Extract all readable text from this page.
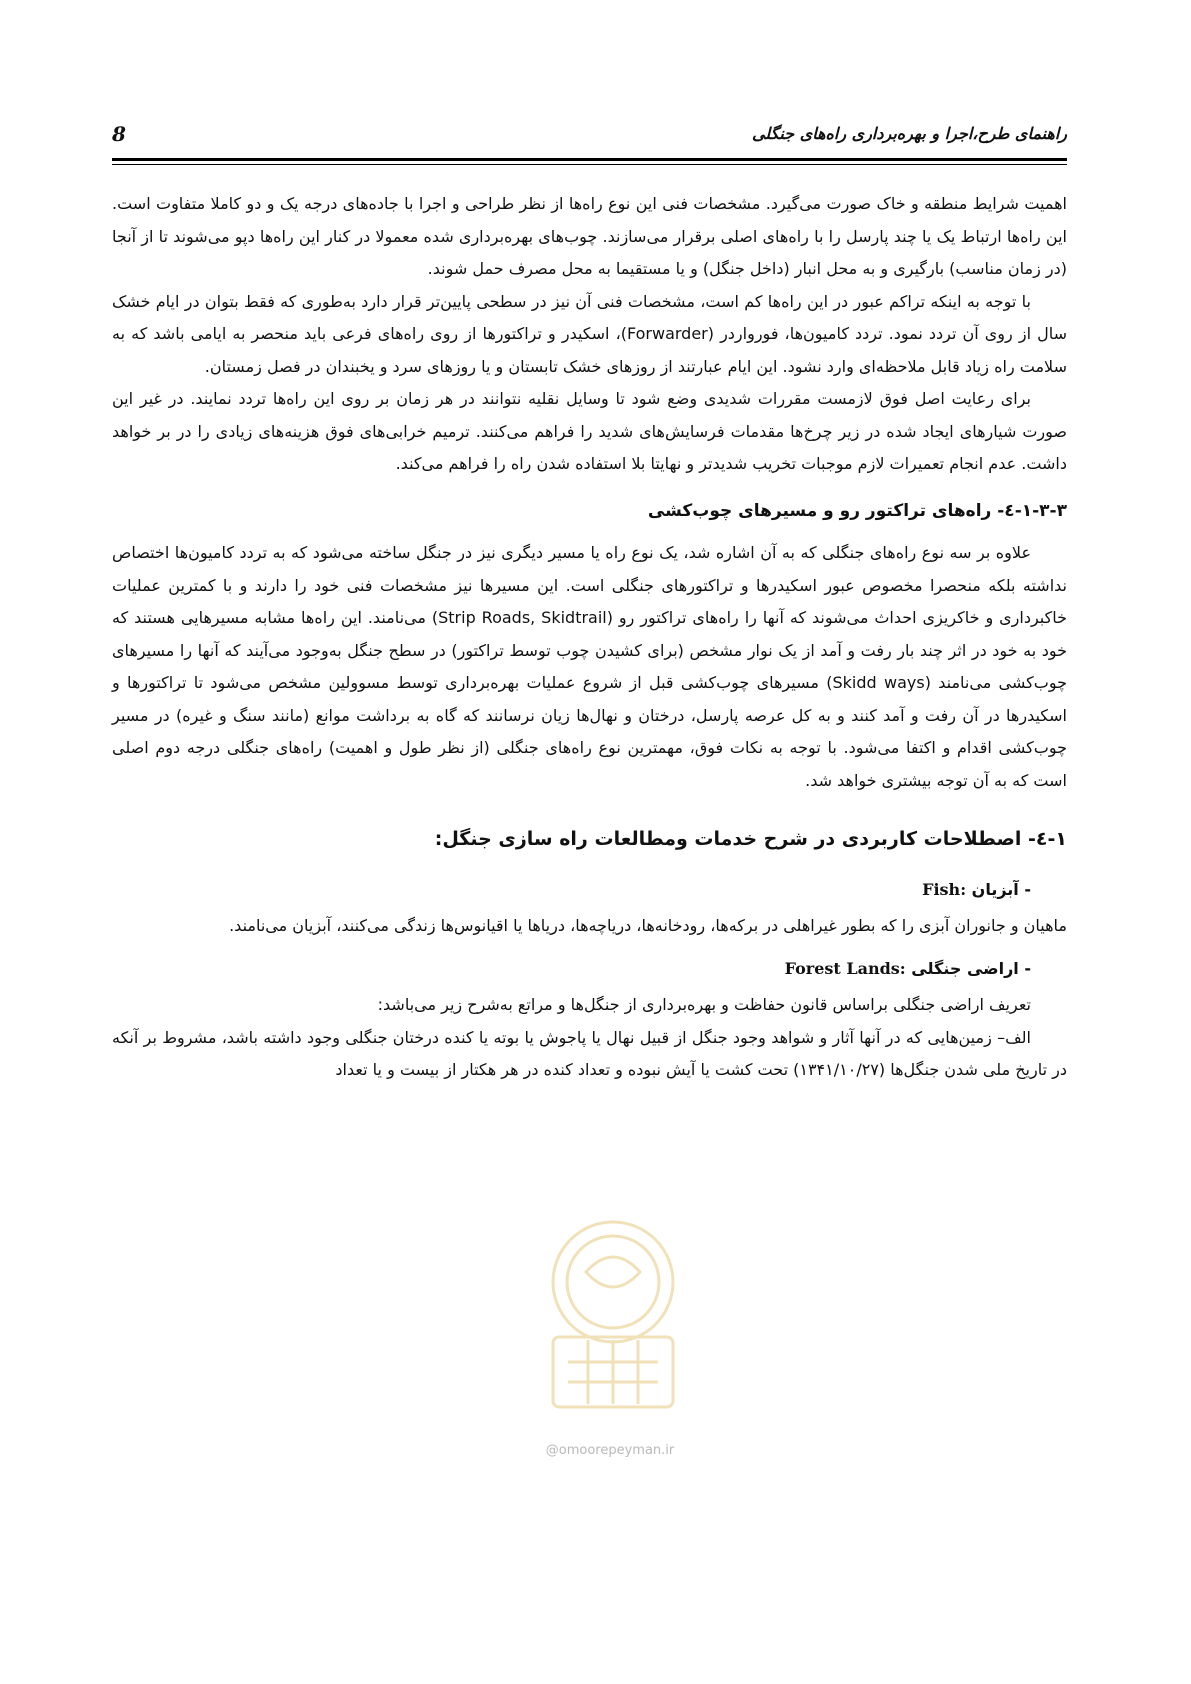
راهنمای طرح،اجرا و بهره‌برداری راه‌های جنگلی
8

اهمیت شرایط منطقه و خاک صورت می‌گیرد. مشخصات فنی این نوع راه‌ها از نظر طراحی و اجرا با جاده‌های درجه یک و دو کاملا متفاوت است. این راه‌ها ارتباط یک یا چند پارسل را با راه‌های اصلی برقرار می‌سازند. چوب‌های بهره‌برداری شده معمولا در کنار این راه‌ها دپو می‌شوند تا از آنجا (در زمان مناسب) بارگیری و به محل انبار (داخل جنگل) و یا مستقیما به محل مصرف حمل شوند.

با توجه به اینکه تراکم عبور در این راه‌ها کم است، مشخصات فنی آن نیز در سطحی پایین‌تر قرار دارد به‌طوری که فقط بتوان در ایام خشک سال از روی آن تردد نمود. تردد کامیون‌ها، فورواردر (Forwarder)، اسکیدر و تراکتورها از روی راه‌های فرعی باید منحصر به ایامی باشد که به سلامت راه زیاد قابل ملاحظه‌ای وارد نشود. این ایام عبارتند از روزهای خشک تابستان و یا روزهای سرد و یخبندان در فصل زمستان.

برای رعایت اصل فوق لازمست مقررات شدیدی وضع شود تا وسایل نقلیه نتوانند در هر زمان بر روی این راه‌ها تردد نمایند. در غیر این صورت شیارهای ایجاد شده در زیر چرخ‌ها مقدمات فرسایش‌های شدید را فراهم می‌کنند. ترمیم خرابی‌های فوق هزینه‌های زیادی را در بر خواهد داشت. عدم انجام تعمیرات لازم موجبات تخریب شدیدتر و نهایتا بلا استفاده شدن راه را فراهم می‌کند.

۱-۳-۳-٤- راه‌های تراکتور رو و مسیرهای چوب‌کشی

علاوه بر سه نوع راه‌های جنگلی که به آن اشاره شد، یک نوع راه یا مسیر دیگری نیز در جنگل ساخته می‌شود که به تردد کامیون‌ها اختصاص نداشته بلکه منحصرا مخصوص عبور اسکیدرها و تراکتورهای جنگلی است. این مسیرها نیز مشخصات فنی خود را دارند و با کمترین عملیات خاکبرداری و خاکریزی احداث می‌شوند که آنها را راه‌های تراکتور رو (Strip Roads, Skidtrail) می‌نامند. این راه‌ها مشابه مسیرهایی هستند که خود به خود در اثر چند بار رفت و آمد از یک نوار مشخص (برای کشیدن چوب توسط تراکتور) در سطح جنگل به‌وجود می‌آیند که آنها را مسیرهای چوب‌کشی می‌نامند (Skidd ways) مسیرهای چوب‌کشی قبل از شروع عملیات بهره‌برداری توسط مسوولین مشخص می‌شود تا تراکتورها و اسکیدرها در آن رفت و آمد کنند و به کل عرصه پارسل، درختان و نهال‌ها زیان نرسانند که گاه به برداشت موانع (مانند سنگ و غیره) در مسیر چوب‌کشی اقدام و اکتفا می‌شود. با توجه به نکات فوق، مهمترین نوع راه‌های جنگلی (از نظر طول و اهمیت) راه‌های جنگلی درجه دوم اصلی است که به آن توجه بیشتری خواهد شد.

۱-٤- اصطلاحات کاربردی در شرح خدمات ومطالعات راه سازی جنگل:
- آبزیان Fish:

ماهیان و جانوران آبزی را که بطور غیراهلی در برکه‌ها، رودخانه‌ها، دریاچه‌ها، دریاها یا اقیانوس‌ها زندگی می‌کنند، آبزیان می‌نامند.

- اراضی جنگلی Forest Lands:

تعریف اراضی جنگلی براساس قانون حفاظت و بهره‌برداری از جنگل‌ها و مراتع به‌شرح زیر می‌باشد:

الف– زمین‌هایی که در آنها آثار و شواهد وجود جنگل از قبیل نهال یا پاجوش یا بوته یا کنده درختان جنگلی وجود داشته باشد، مشروط بر آنکه در تاریخ ملی شدن جنگل‌ها (۱۳۴۱/۱۰/۲۷) تحت کشت یا آیش نبوده و تعداد کنده در هر هکتار از بیست و یا تعداد

@omoorepeyman.ir
